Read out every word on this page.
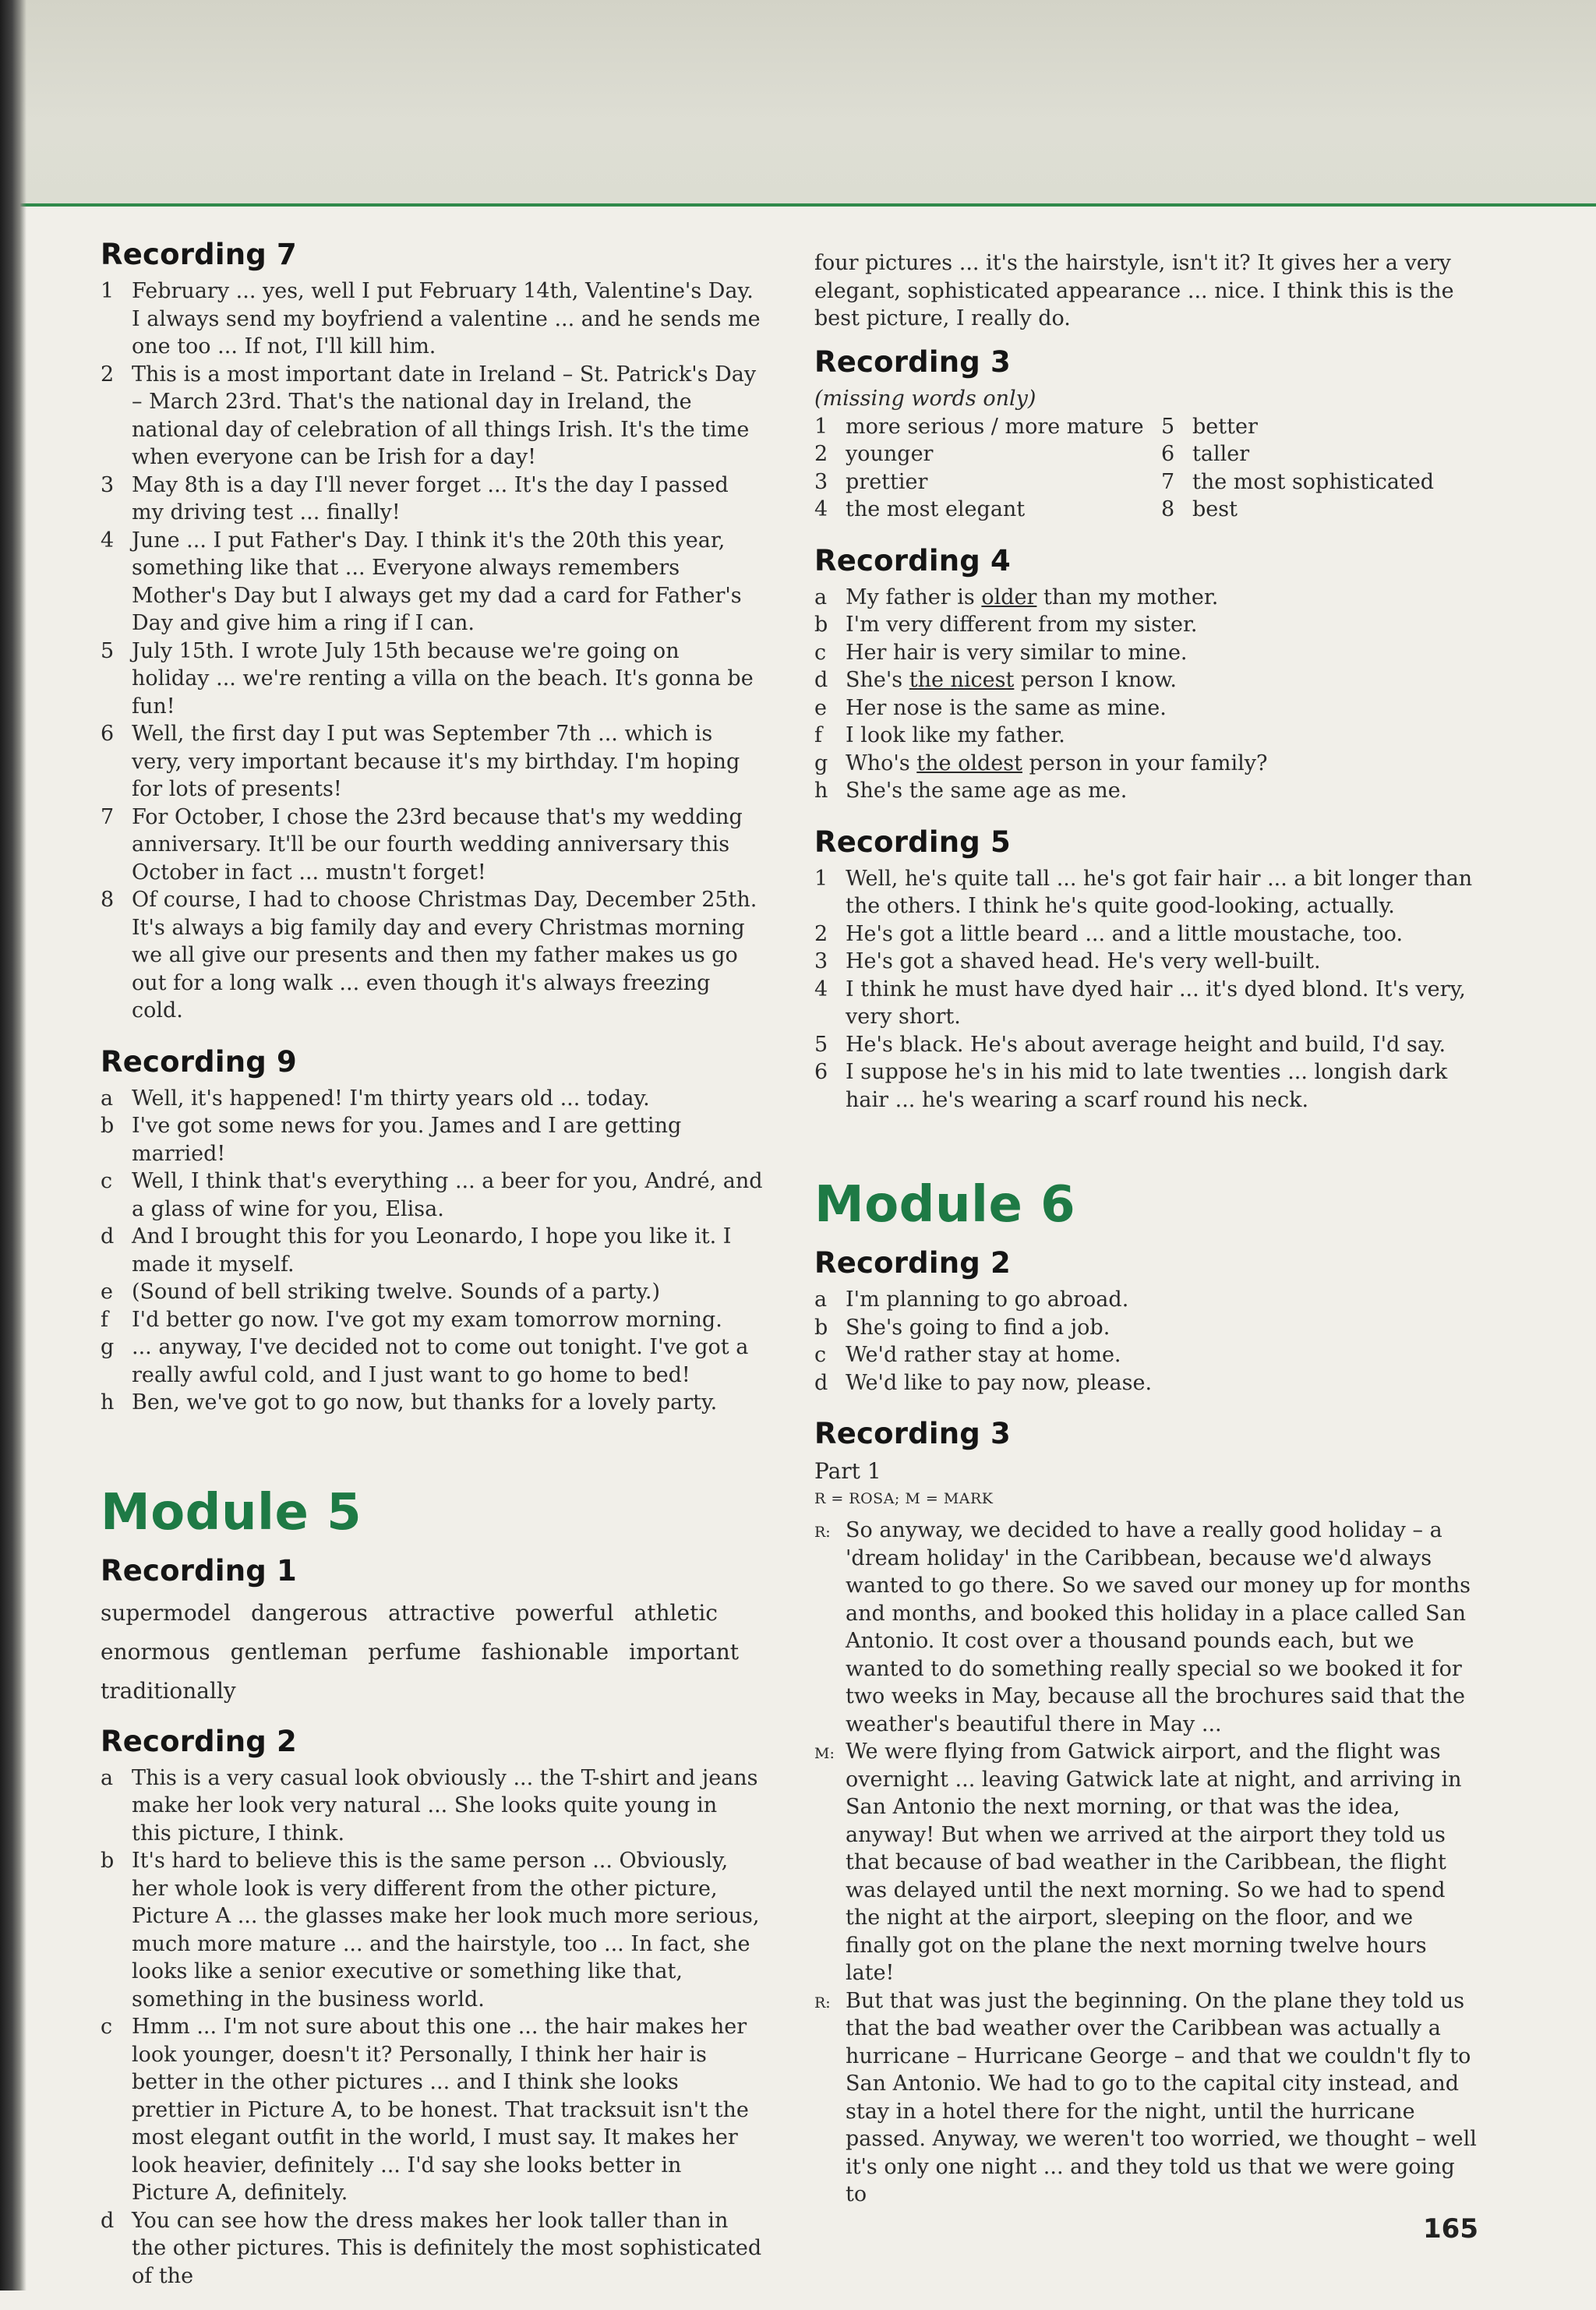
Recording 7
1 February ... yes, well I put February 14th, Valentine's Day. I always send my boyfriend a valentine ... and he sends me one too ... If not, I'll kill him.
2 This is a most important date in Ireland – St. Patrick's Day – March 23rd. That's the national day in Ireland, the national day of celebration of all things Irish. It's the time when everyone can be Irish for a day!
3 May 8th is a day I'll never forget ... It's the day I passed my driving test ... finally!
4 June ... I put Father's Day. I think it's the 20th this year, something like that ... Everyone always remembers Mother's Day but I always get my dad a card for Father's Day and give him a ring if I can.
5 July 15th. I wrote July 15th because we're going on holiday ... we're renting a villa on the beach. It's gonna be fun!
6 Well, the first day I put was September 7th ... which is very, very important because it's my birthday. I'm hoping for lots of presents!
7 For October, I chose the 23rd because that's my wedding anniversary. It'll be our fourth wedding anniversary this October in fact ... mustn't forget!
8 Of course, I had to choose Christmas Day, December 25th. It's always a big family day and every Christmas morning we all give our presents and then my father makes us go out for a long walk ... even though it's always freezing cold.
Recording 9
a Well, it's happened! I'm thirty years old ... today.
b I've got some news for you. James and I are getting married!
c Well, I think that's everything ... a beer for you, André, and a glass of wine for you, Elisa.
d And I brought this for you Leonardo, I hope you like it. I made it myself.
e (Sound of bell striking twelve. Sounds of a party.)
f	I'd better go now. I've got my exam tomorrow morning.
g ... anyway, I've decided not to come out tonight. I've got a really awful cold, and I just want to go home to bed!
h Ben, we've got to go now, but thanks for a lovely party.
Module 5
Recording 1
supermodel dangerous attractive powerful athleticenormous gentleman perfume fashionable importanttraditionally
Recording 2
a This is a very casual look obviously ... the T-shirt and jeans make her look very natural ... She looks quite young in this picture, I think.
b It's hard to believe this is the same person ... Obviously, her whole look is very different from the other picture, Picture A ... the glasses make her look much more serious, much more mature ... and the hairstyle, too ... In fact, she looks like a senior executive or something like that, something in the business world.
c Hmm ... I'm not sure about this one ... the hair makes her look younger, doesn't it? Personally, I think her hair is better in the other pictures ... and I think she looks prettier in Picture A, to be honest. That tracksuit isn't the most elegant outfit in the world, I must say. It makes her look heavier, definitely ... I'd say she looks better in Picture A, definitely.
d You can see how the dress makes her look taller than in the other pictures. This is definitely the most sophisticated of the

four pictures ... it's the hairstyle, isn't it? It gives her a very elegant, sophisticated appearance ... nice. I think this is the best picture, I really do.

Recording 3

(missing words only)

1 more serious / more mature 5 better
2 younger	6 taller
3 prettier	7 the most sophisticated
4 the most elegant	8 best
Recording 4
a My father is older than my mother.
b I'm very different from my sister.
c Her hair is very similar to mine.
d She's the nicest person I know.
e Her nose is the same as mine.
f	I look like my father.
g Who's the oldest person in your family?
h She's the same age as me.
Recording 5
1 Well, he's quite tall ... he's got fair hair ... a bit longer than the others. I think he's quite good-looking, actually.
2 He's got a little beard ... and a little moustache, too.
3 He's got a shaved head. He's very well-built.
4 I think he must have dyed hair ... it's dyed blond. It's very, very short.
5 He's black. He's about average height and build, I'd say.
6 I suppose he's in his mid to late twenties ... longish dark hair ... he's wearing a scarf round his neck.
Module 6
Recording 2
a I'm planning to go abroad.
b She's going to find a job.
c We'd rather stay at home.
d We'd like to pay now, please.
Recording 3
Part 1
R = ROSA; M = MARK
R: So anyway, we decided to have a really good holiday – a 'dream holiday' in the Caribbean, because we'd always wanted to go there. So we saved our money up for months and months, and booked this holiday in a place called San Antonio. It cost over a thousand pounds each, but we wanted to do something really special so we booked it for two weeks in May, because all the brochures said that the weather's beautiful there in May ...
M: We were flying from Gatwick airport, and the flight was overnight ... leaving Gatwick late at night, and arriving in San Antonio the next morning, or that was the idea, anyway! But when we arrived at the airport they told us that because of bad weather in the Caribbean, the flight was delayed until the next morning. So we had to spend the night at the airport, sleeping on the floor, and we finally got on the plane the next morning twelve hours late!
R: But that was just the beginning. On the plane they told us that the bad weather over the Caribbean was actually a hurricane – Hurricane George – and that we couldn't fly to San Antonio. We had to go to the capital city instead, and stay in a hotel there for the night, until the hurricane passed. Anyway, we weren't too worried, we thought – well it's only one night ... and they told us that we were going to
165
